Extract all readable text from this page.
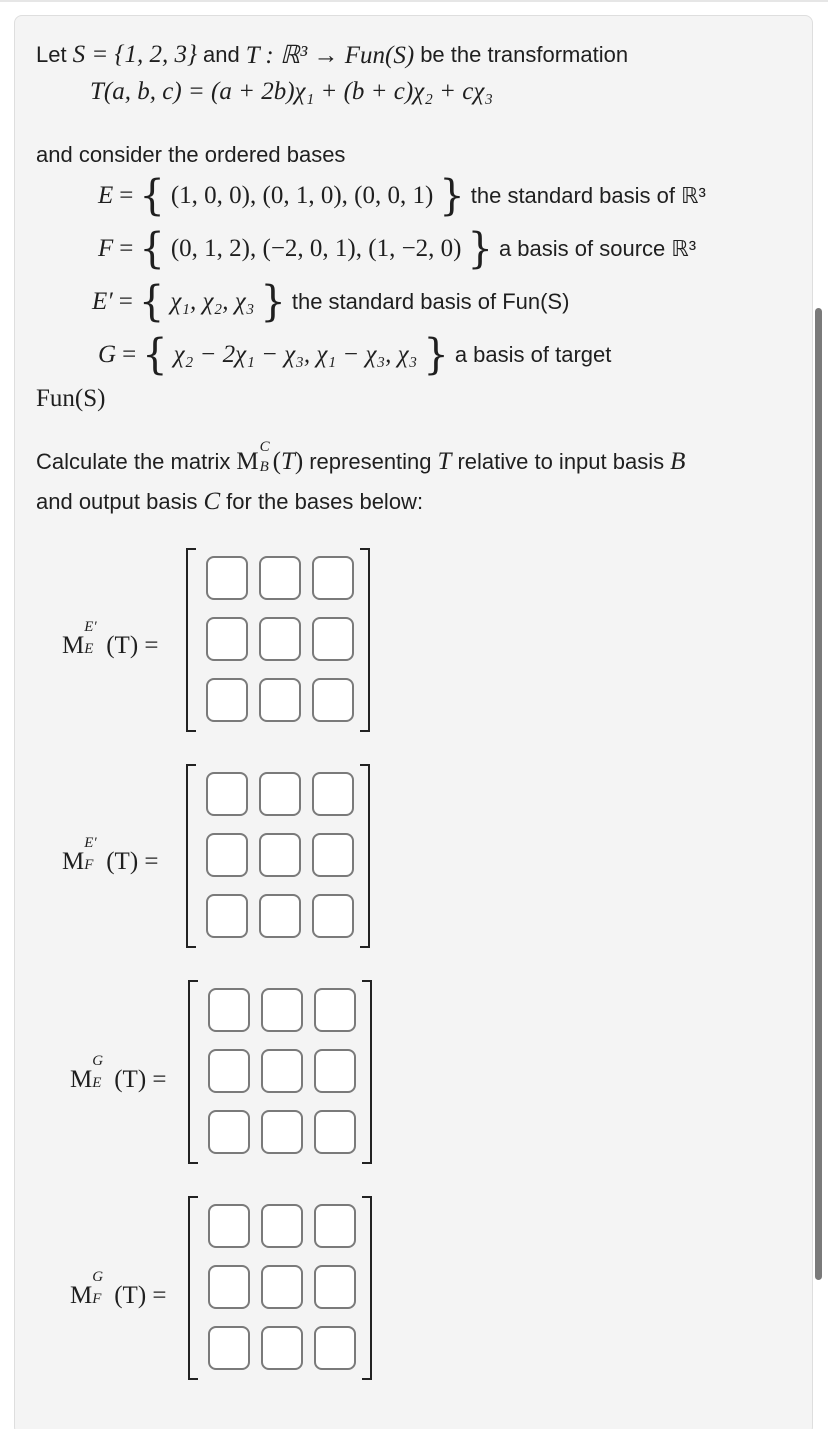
Let S = {1, 2, 3} and T : ℝ³ → Fun(S) be the transformation
T(a, b, c) = (a + 2b)χ₁ + (b + c)χ₂ + cχ₃
and consider the ordered bases
E = { (1, 0, 0), (0, 1, 0), (0, 0, 1) } the standard basis of ℝ³
F = { (0, 1, 2), (−2, 0, 1), (1, −2, 0) } a basis of source ℝ³
E′ = { χ₁, χ₂, χ₃ } the standard basis of Fun(S)
G = { χ₂ − 2χ₁ − χ₃, χ₁ − χ₃, χ₃ } a basis of target
Fun(S)
Calculate the matrix M
C
B (T) representing T relative to input basis B
and output basis C for the bases below:
M
E′
E (T) =
M
E′
F (T) =
M
G
E (T) =
M
G
F (T) =
